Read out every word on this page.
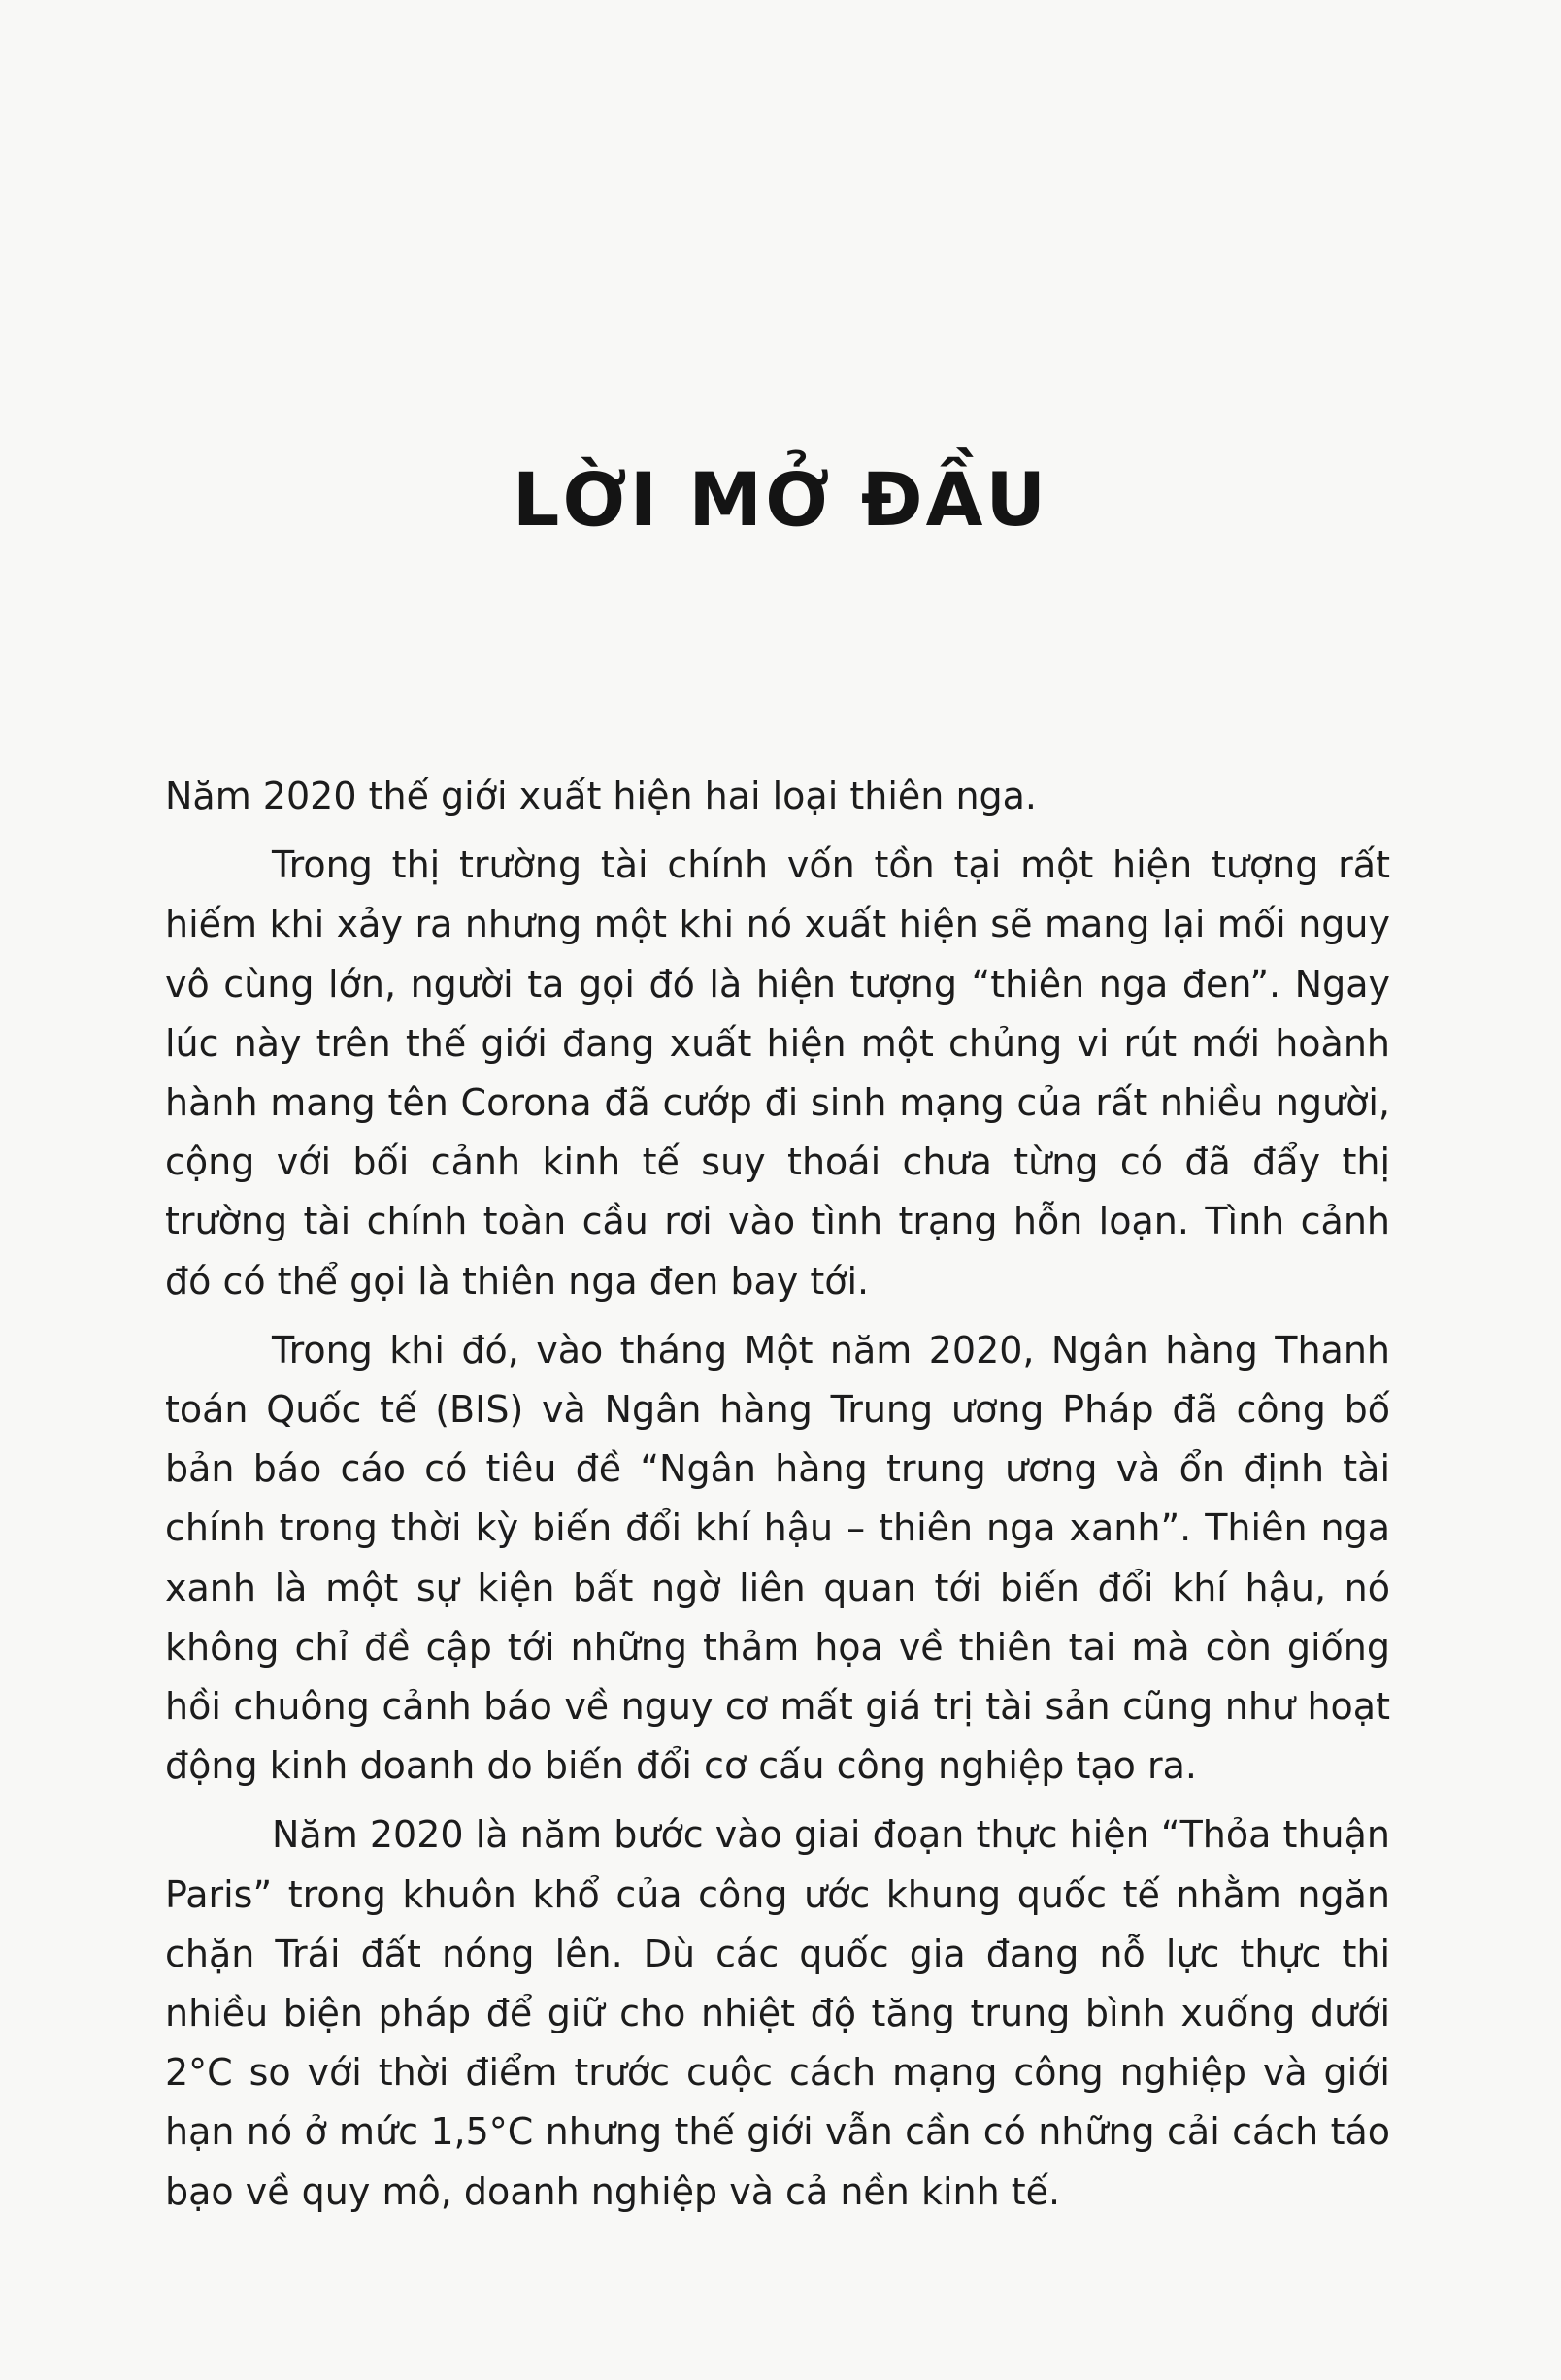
LỜI MỞ ĐẦU

Năm 2020 thế giới xuất hiện hai loại thiên nga.

Trong thị trường tài chính vốn tồn tại một hiện tượng rất hiếm khi xảy ra nhưng một khi nó xuất hiện sẽ mang lại mối nguy vô cùng lớn, người ta gọi đó là hiện tượng “thiên nga đen”. Ngay lúc này trên thế giới đang xuất hiện một chủng vi rút mới hoành hành mang tên Corona đã cướp đi sinh mạng của rất nhiều người, cộng với bối cảnh kinh tế suy thoái chưa từng có đã đẩy thị trường tài chính toàn cầu rơi vào tình trạng hỗn loạn. Tình cảnh đó có thể gọi là thiên nga đen bay tới.

Trong khi đó, vào tháng Một năm 2020, Ngân hàng Thanh toán Quốc tế (BIS) và Ngân hàng Trung ương Pháp đã công bố bản báo cáo có tiêu đề “Ngân hàng trung ương và ổn định tài chính trong thời kỳ biến đổi khí hậu – thiên nga xanh”. Thiên nga xanh là một sự kiện bất ngờ liên quan tới biến đổi khí hậu, nó không chỉ đề cập tới những thảm họa về thiên tai mà còn giống hồi chuông cảnh báo về nguy cơ mất giá trị tài sản cũng như hoạt động kinh doanh do biến đổi cơ cấu công nghiệp tạo ra.

Năm 2020 là năm bước vào giai đoạn thực hiện “Thỏa thuận Paris” trong khuôn khổ của công ước khung quốc tế nhằm ngăn chặn Trái đất nóng lên. Dù các quốc gia đang nỗ lực thực thi nhiều biện pháp để giữ cho nhiệt độ tăng trung bình xuống dưới 2°C so với thời điểm trước cuộc cách mạng công nghiệp và giới hạn nó ở mức 1,5°C nhưng thế giới vẫn cần có những cải cách táo bạo về quy mô, doanh nghiệp và cả nền kinh tế.
